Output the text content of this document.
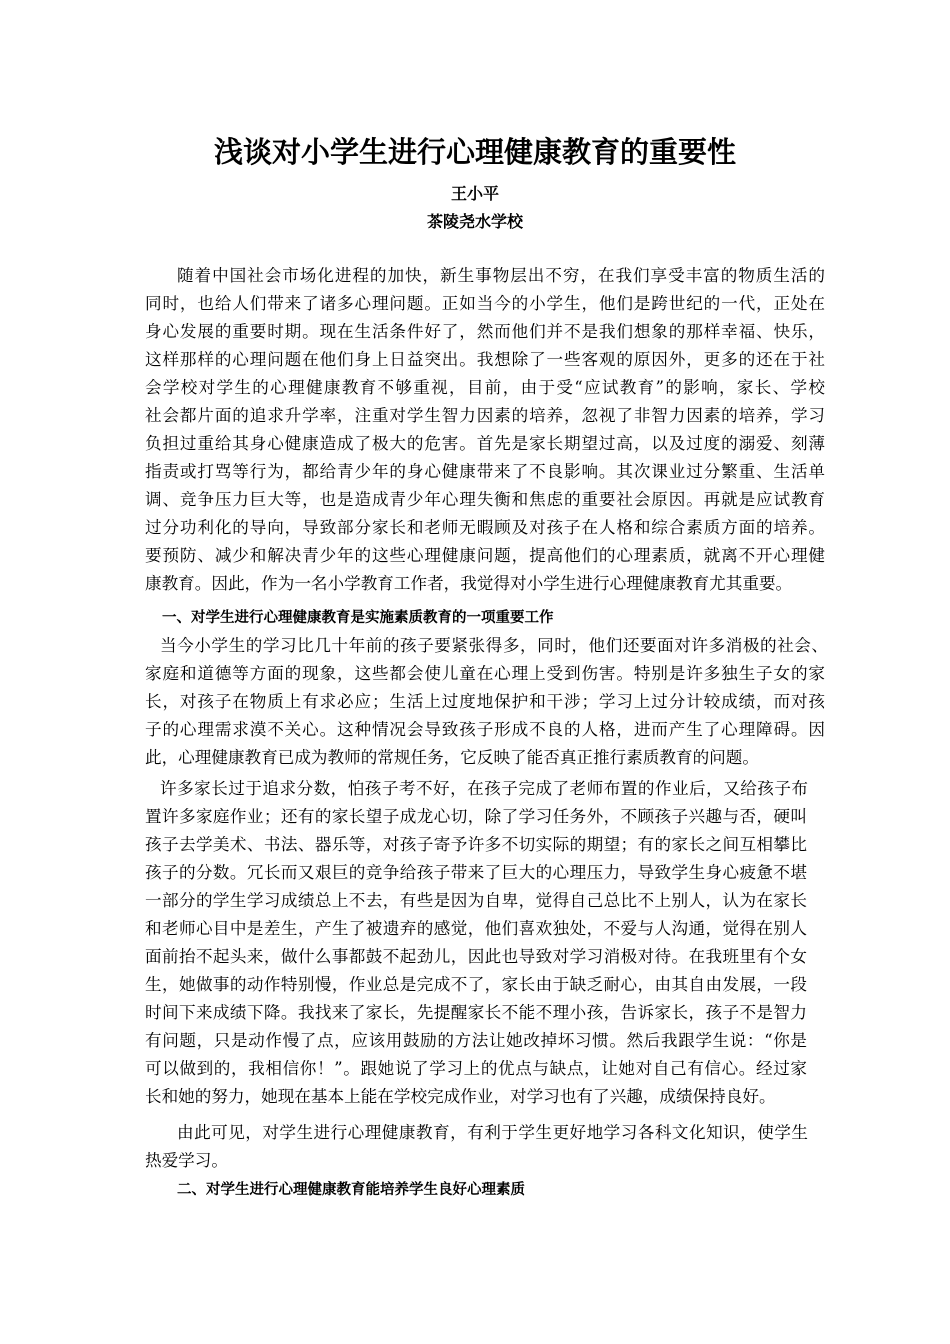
浅谈对小学生进行心理健康教育的重要性
王小平
茶陵尧水学校
随着中国社会市场化进程的加快，新生事物层出不穷，在我们享受丰富的物质生活的
同时，也给人们带来了诸多心理问题。正如当今的小学生，他们是跨世纪的一代，正处在
身心发展的重要时期。现在生活条件好了，然而他们并不是我们想象的那样幸福、快乐，
这样那样的心理问题在他们身上日益突出。我想除了一些客观的原因外，更多的还在于社
会学校对学生的心理健康教育不够重视，目前，由于受“应试教育”的影响，家长、学校
社会都片面的追求升学率，注重对学生智力因素的培养，忽视了非智力因素的培养，学习
负担过重给其身心健康造成了极大的危害。首先是家长期望过高，以及过度的溺爱、刻薄
指责或打骂等行为，都给青少年的身心健康带来了不良影响。其次课业过分繁重、生活单
调、竞争压力巨大等，也是造成青少年心理失衡和焦虑的重要社会原因。再就是应试教育
过分功利化的导向，导致部分家长和老师无暇顾及对孩子在人格和综合素质方面的培养。
要预防、减少和解决青少年的这些心理健康问题，提高他们的心理素质，就离不开心理健
康教育。因此，作为一名小学教育工作者，我觉得对小学生进行心理健康教育尤其重要。
一、对学生进行心理健康教育是实施素质教育的一项重要工作
当今小学生的学习比几十年前的孩子要紧张得多，同时，他们还要面对许多消极的社会、
家庭和道德等方面的现象，这些都会使儿童在心理上受到伤害。特别是许多独生子女的家
长，对孩子在物质上有求必应；生活上过度地保护和干涉；学习上过分计较成绩，而对孩
子的心理需求漠不关心。这种情况会导致孩子形成不良的人格，进而产生了心理障碍。因
此，心理健康教育已成为教师的常规任务，它反映了能否真正推行素质教育的问题。
许多家长过于追求分数，怕孩子考不好，在孩子完成了老师布置的作业后，又给孩子布
置许多家庭作业；还有的家长望子成龙心切，除了学习任务外，不顾孩子兴趣与否，硬叫
孩子去学美术、书法、器乐等，对孩子寄予许多不切实际的期望；有的家长之间互相攀比
孩子的分数。冗长而又艰巨的竞争给孩子带来了巨大的心理压力，导致学生身心疲惫不堪
一部分的学生学习成绩总上不去，有些是因为自卑，觉得自己总比不上别人，认为在家长
和老师心目中是差生，产生了被遗弃的感觉，他们喜欢独处，不爱与人沟通，觉得在别人
面前抬不起头来，做什么事都鼓不起劲儿，因此也导致对学习消极对待。在我班里有个女
生，她做事的动作特别慢，作业总是完成不了，家长由于缺乏耐心，由其自由发展，一段
时间下来成绩下降。我找来了家长，先提醒家长不能不理小孩，告诉家长，孩子不是智力
有问题，只是动作慢了点，应该用鼓励的方法让她改掉坏习惯。然后我跟学生说：“你是
可以做到的，我相信你！”。跟她说了学习上的优点与缺点，让她对自己有信心。经过家
长和她的努力，她现在基本上能在学校完成作业，对学习也有了兴趣，成绩保持良好。
由此可见，对学生进行心理健康教育，有利于学生更好地学习各科文化知识，使学生
热爱学习。
二、对学生进行心理健康教育能培养学生良好心理素质
